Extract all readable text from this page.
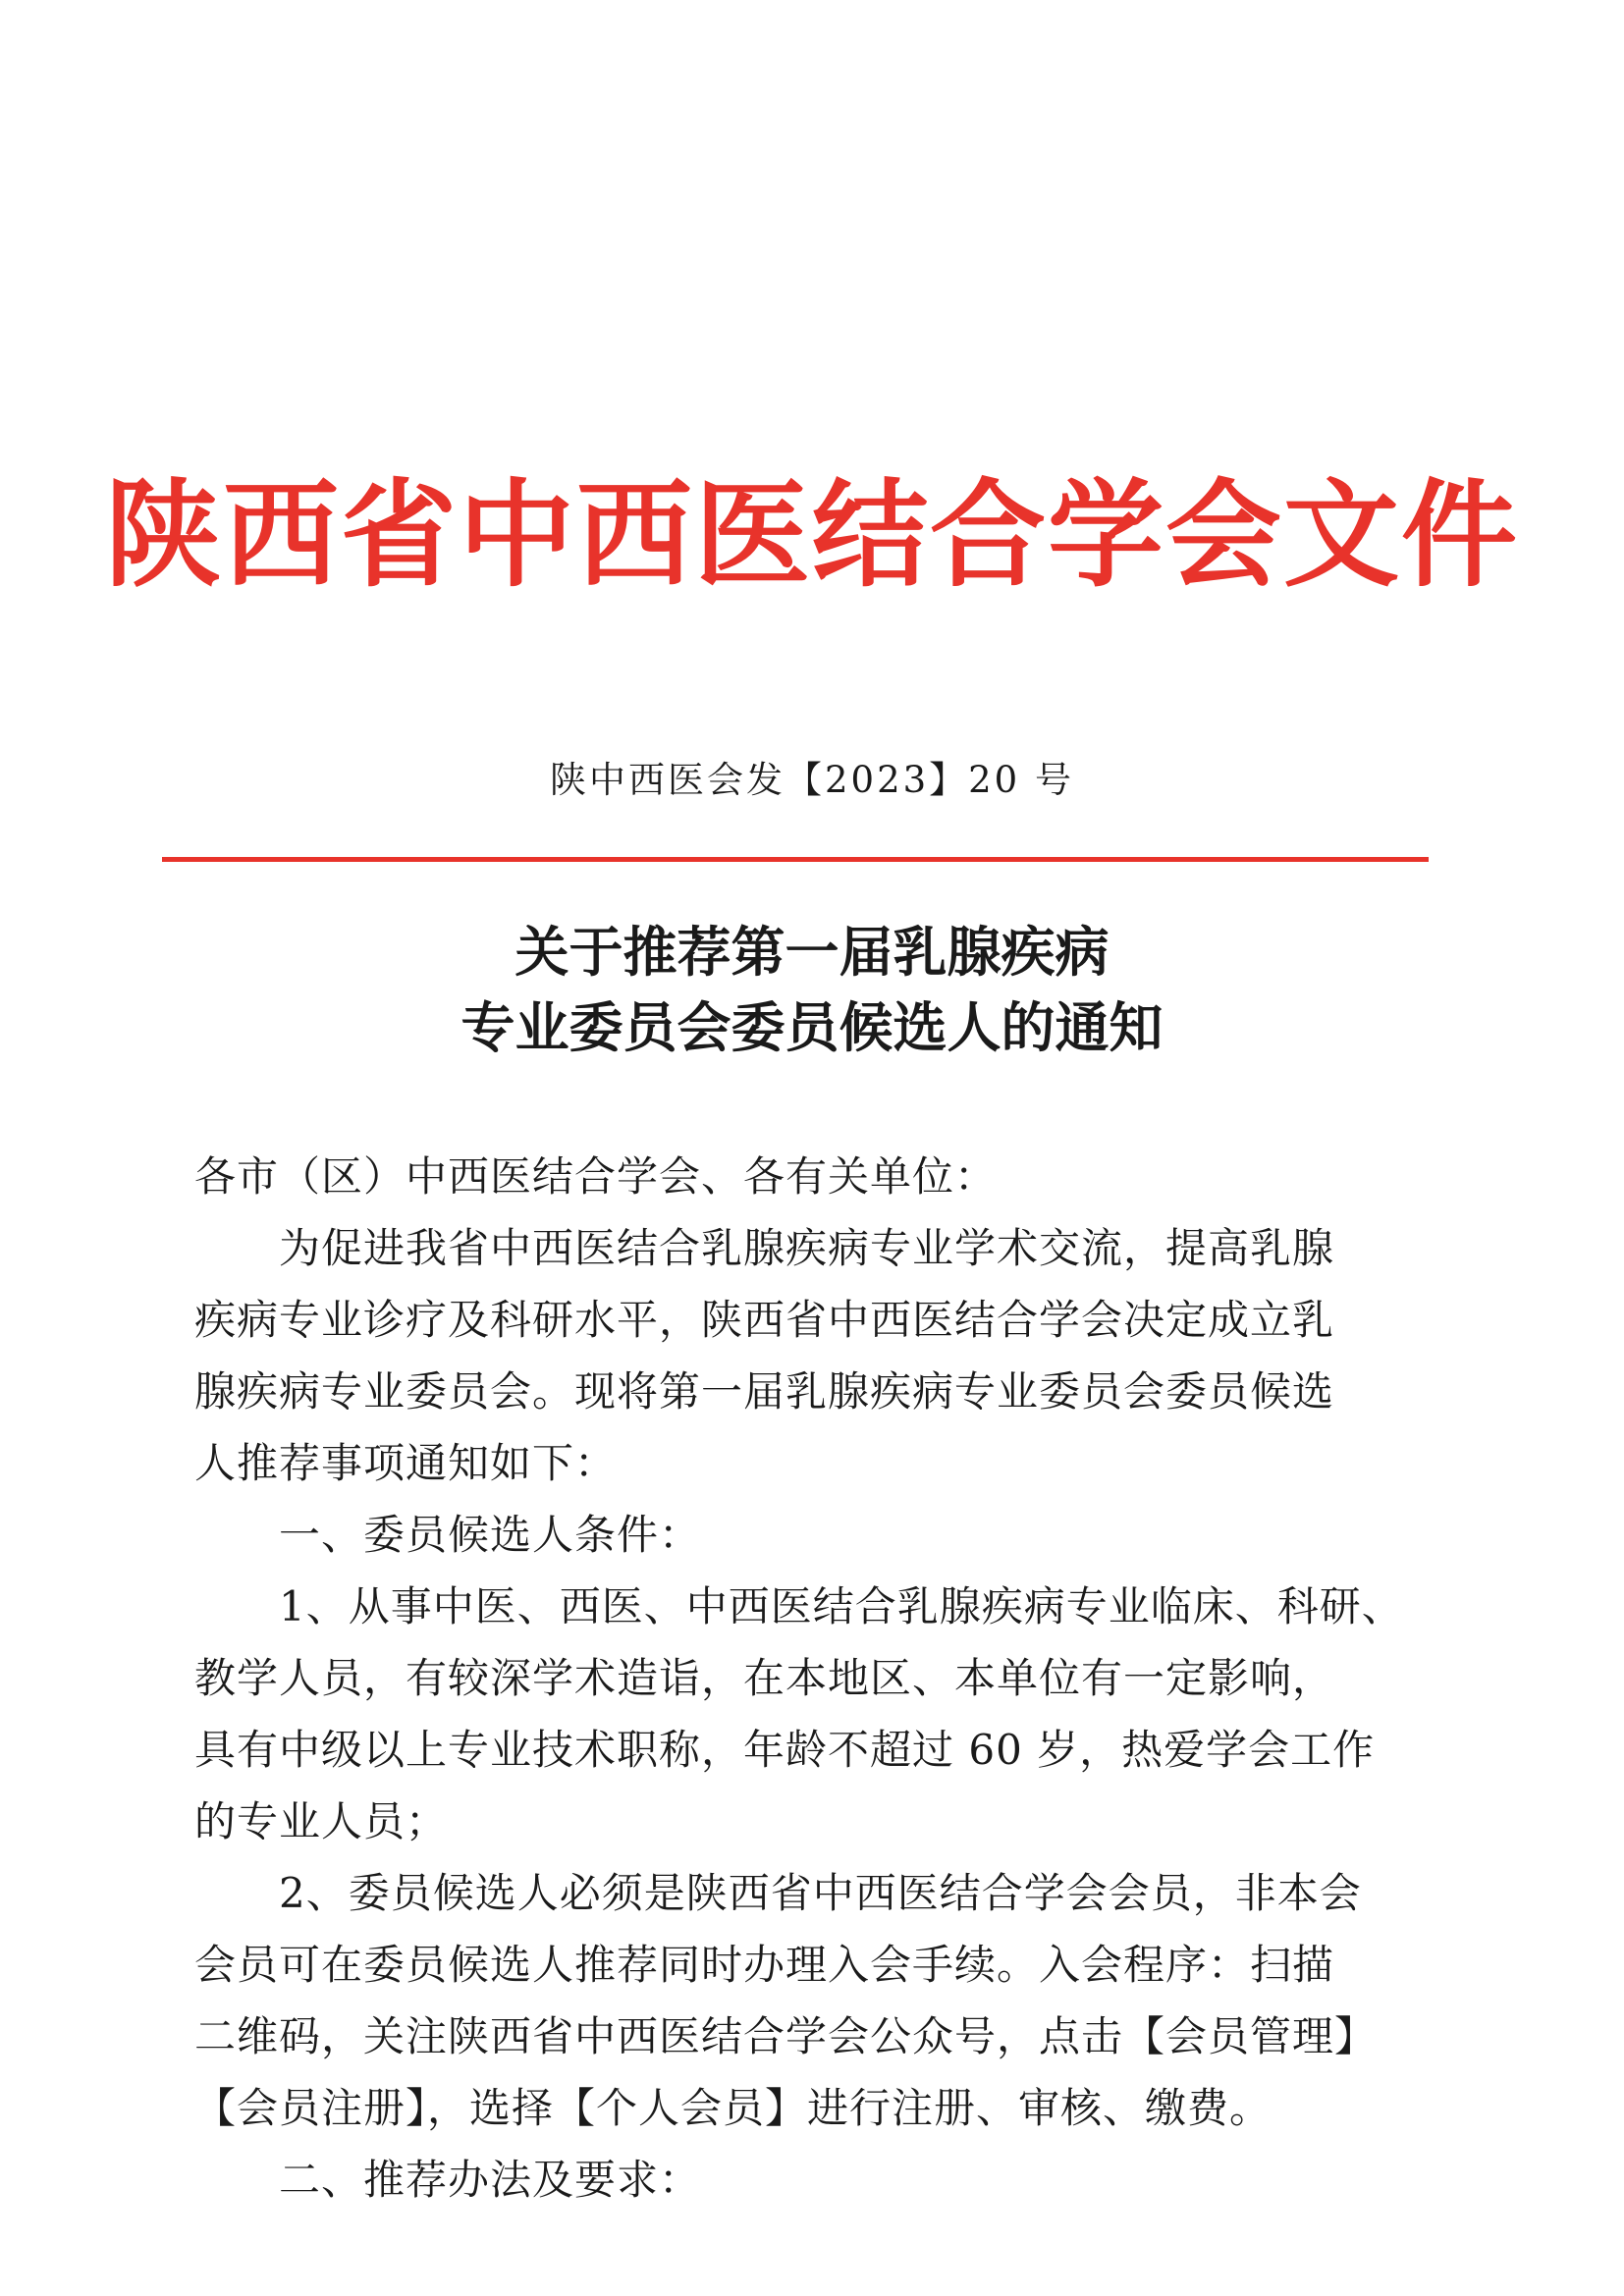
陕西省中西医结合学会文件
陕中西医会发【2023】20 号
关于推荐第一届乳腺疾病
专业委员会委员候选人的通知
各市（区）中西医结合学会、各有关单位：
　　为促进我省中西医结合乳腺疾病专业学术交流，提高乳腺
疾病专业诊疗及科研水平，陕西省中西医结合学会决定成立乳
腺疾病专业委员会。现将第一届乳腺疾病专业委员会委员候选
人推荐事项通知如下：
　　一、委员候选人条件：
　　1、从事中医、西医、中西医结合乳腺疾病专业临床、科研、
教学人员，有较深学术造诣，在本地区、本单位有一定影响，
具有中级以上专业技术职称，年龄不超过 60 岁，热爱学会工作
的专业人员；
　　2、委员候选人必须是陕西省中西医结合学会会员，非本会
会员可在委员候选人推荐同时办理入会手续。入会程序：扫描
二维码，关注陕西省中西医结合学会公众号，点击【会员管理】
【会员注册】，选择【个人会员】进行注册、审核、缴费。
　　二、推荐办法及要求：
